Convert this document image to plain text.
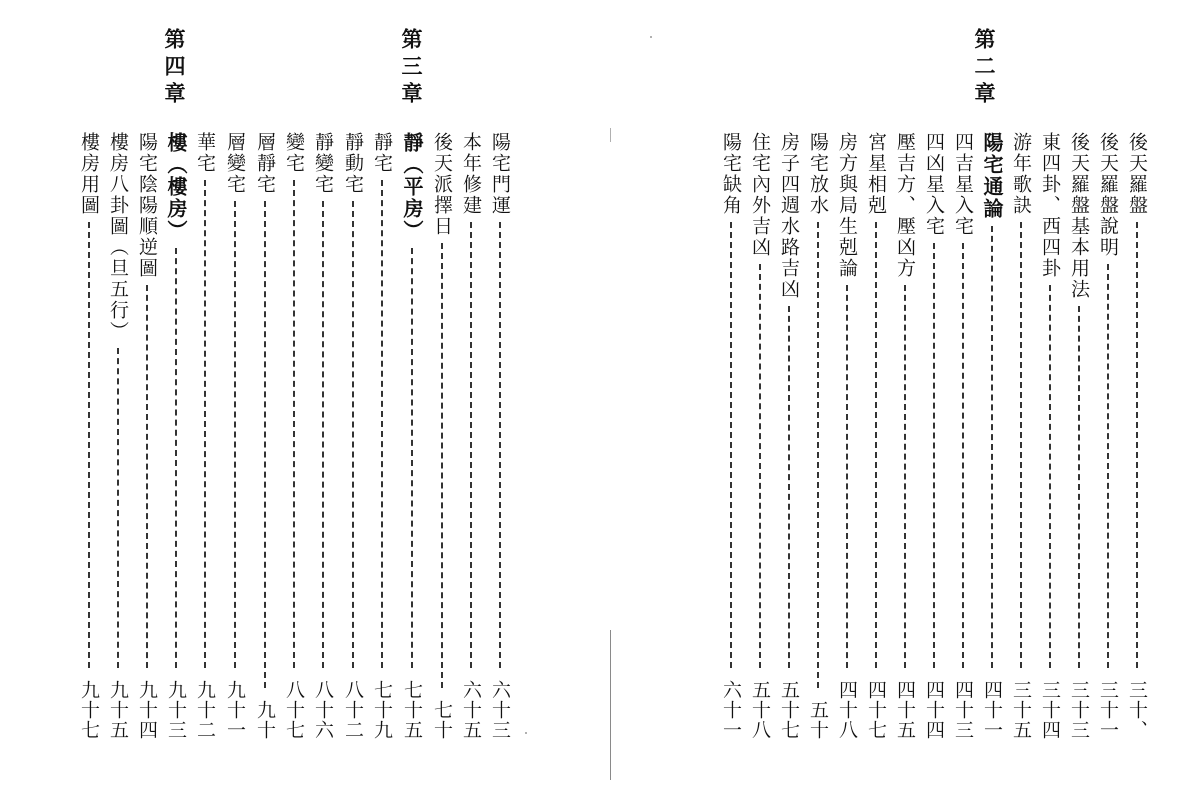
第四章	第三章
陽宅門運
六十三
本年修建
六十五
後天派擇日
七十
靜（平房）
七十五
靜宅
七十九
靜動宅
八十二
靜變宅
八十六
變宅
八十七
層靜宅
九十
層變宅
九十一
華宅
九十二
樓（樓房）
九十三
陽宅陰陽順逆圖
九十四
樓房八卦圖（旦五行）
九十五
樓房用圖
九十七
第二章
後天羅盤
三十、
後天羅盤說明
三十一
後天羅盤基本用法
三十三
東四卦、西四卦
三十四
游年歌訣
三十五
陽宅通論
四十一
四吉星入宅
四十三
四凶星入宅
四十四
壓吉方、壓凶方
四十五
宮星相剋
四十七
房方與局生剋論
四十八
陽宅放水
五十
房子四週水路吉凶
五十七
住宅內外吉凶
五十八
陽宅缺角
六十一
